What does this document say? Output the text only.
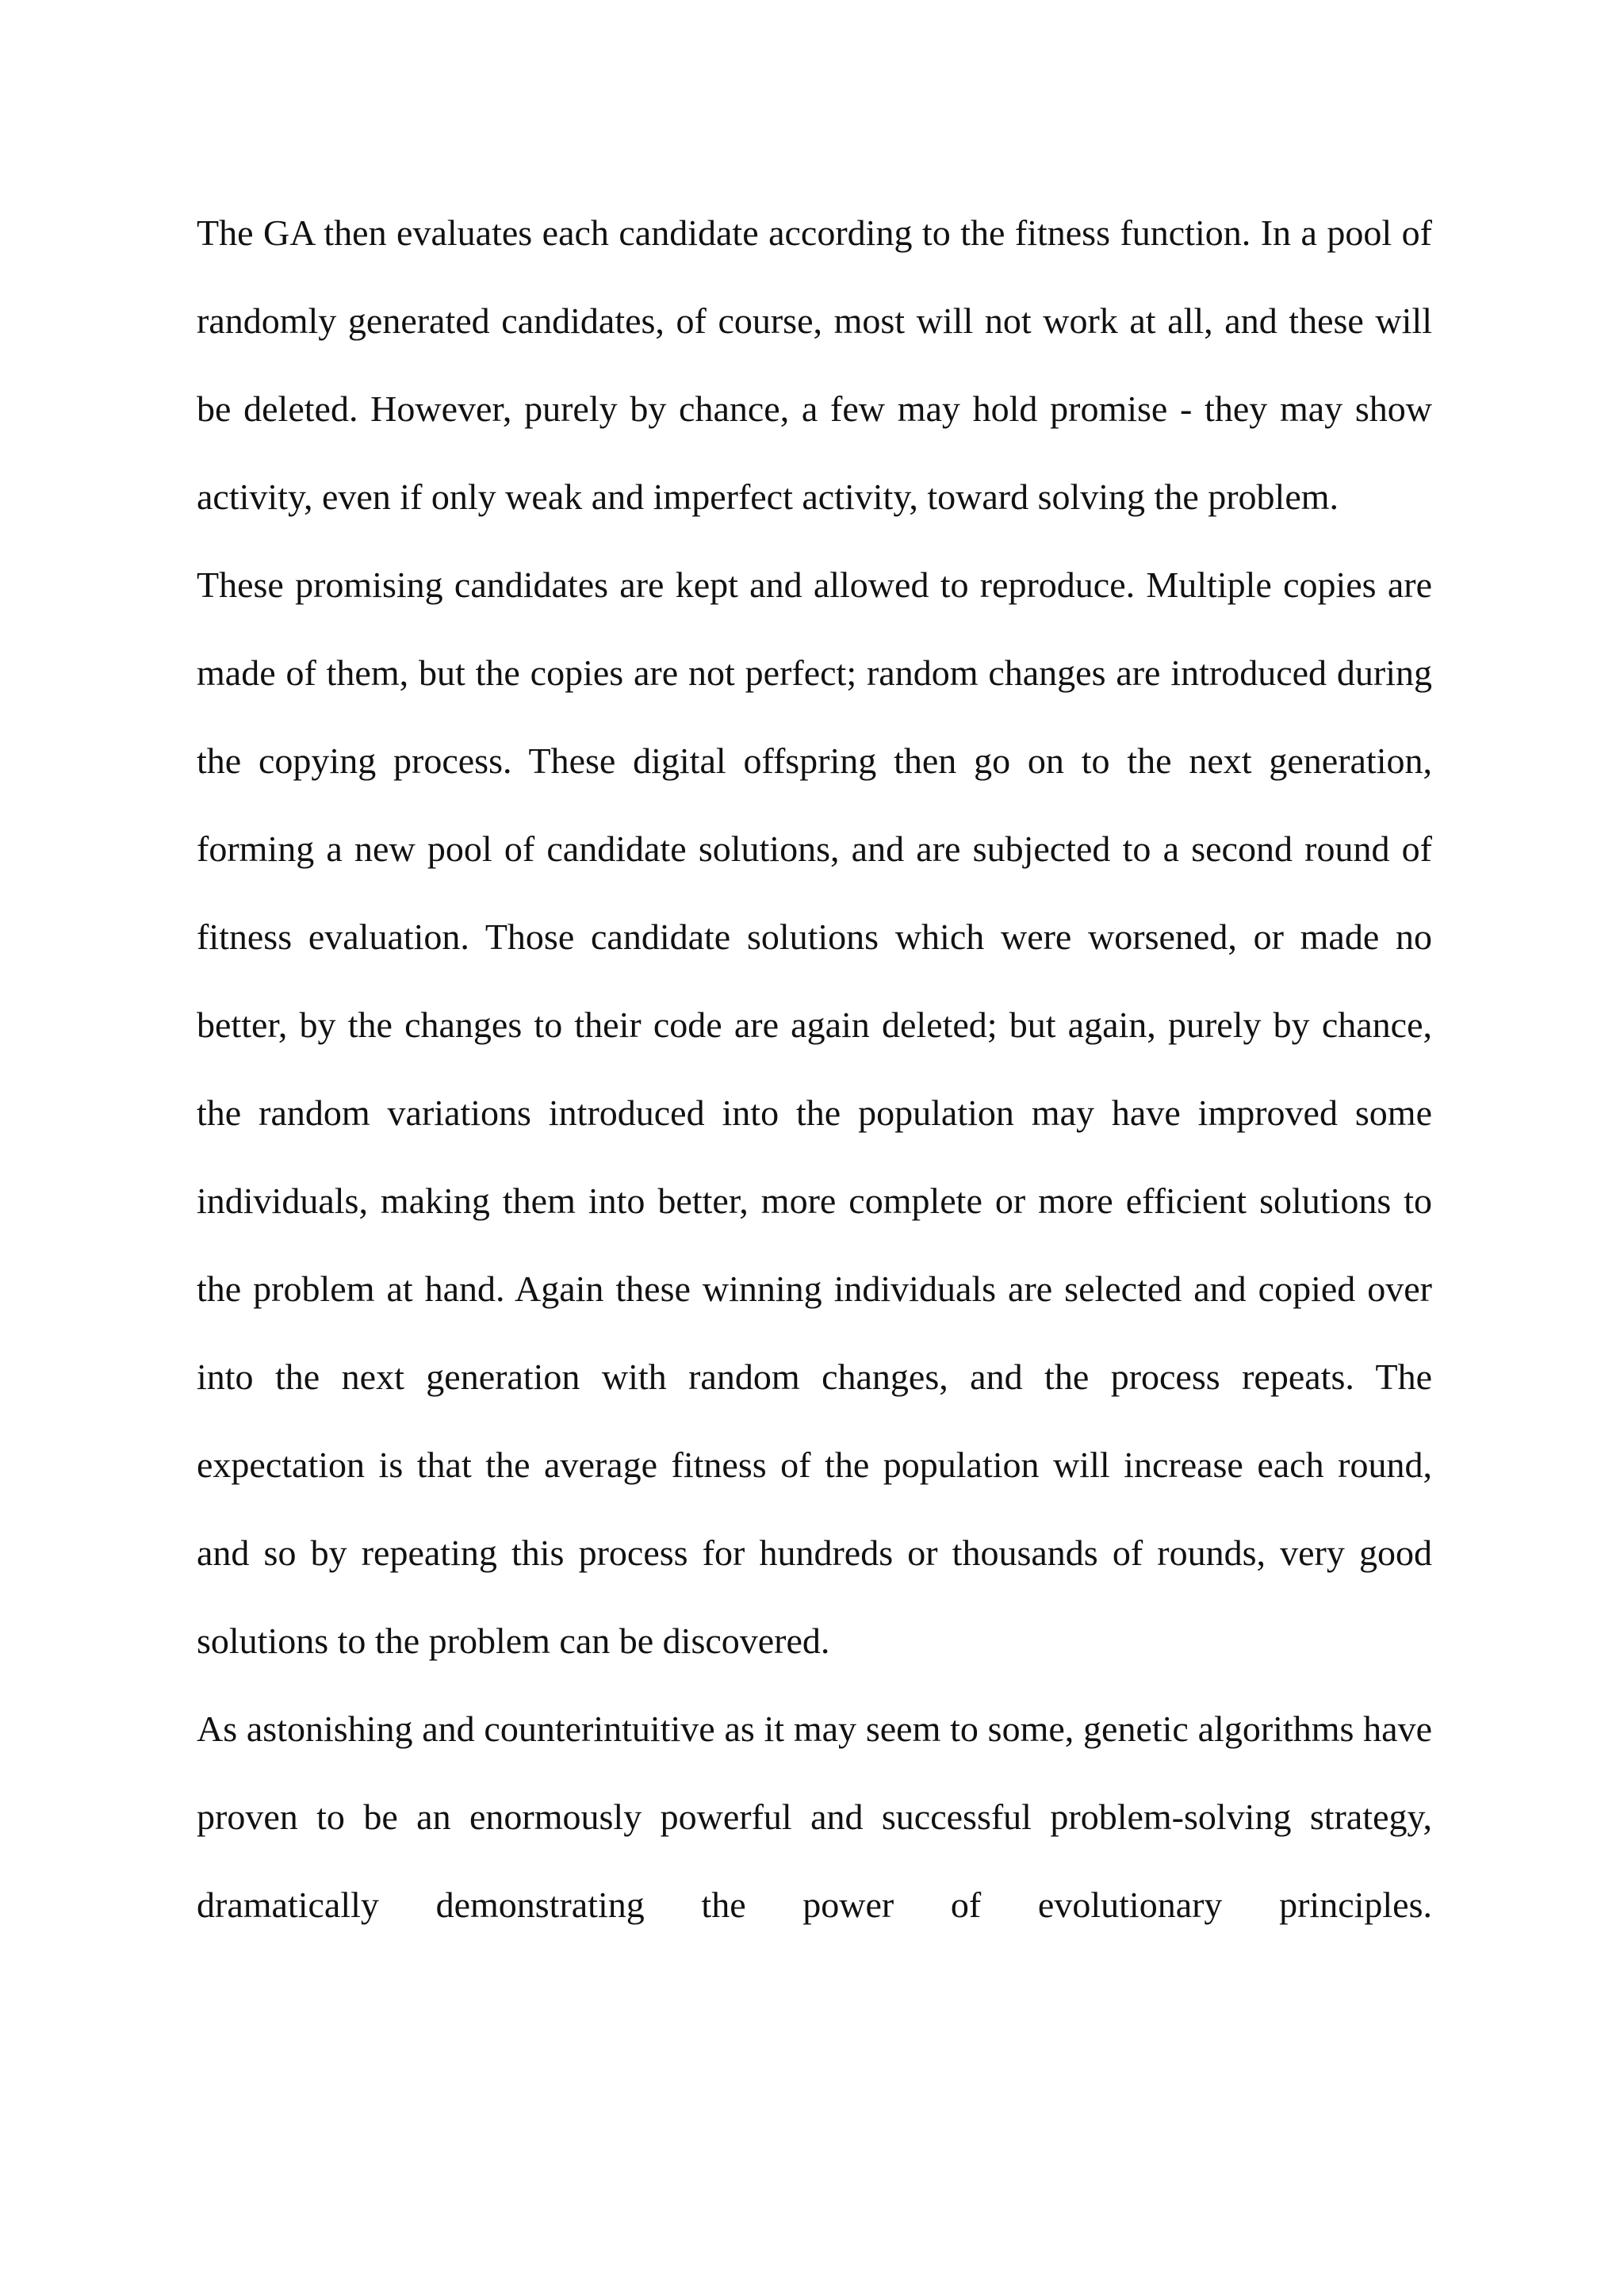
The GA then evaluates each candidate according to the fitness function. In a pool of randomly generated candidates, of course, most will not work at all, and these will be deleted. However, purely by chance, a few may hold promise - they may show activity, even if only weak and imperfect activity, toward solving the problem.

These promising candidates are kept and allowed to reproduce. Multiple copies are made of them, but the copies are not perfect; random changes are introduced during the copying process. These digital offspring then go on to the next generation, forming a new pool of candidate solutions, and are subjected to a second round of fitness evaluation. Those candidate solutions which were worsened, or made no better, by the changes to their code are again deleted; but again, purely by chance, the random variations introduced into the population may have improved some individuals, making them into better, more complete or more efficient solutions to the problem at hand. Again these winning individuals are selected and copied over into the next generation with random changes, and the process repeats. The expectation is that the average fitness of the population will increase each round, and so by repeating this process for hundreds or thousands of rounds, very good solutions to the problem can be discovered.

As astonishing and counterintuitive as it may seem to some, genetic algorithms have proven to be an enormously powerful and successful problem-solving strategy, dramatically demonstrating the power of evolutionary principles.
